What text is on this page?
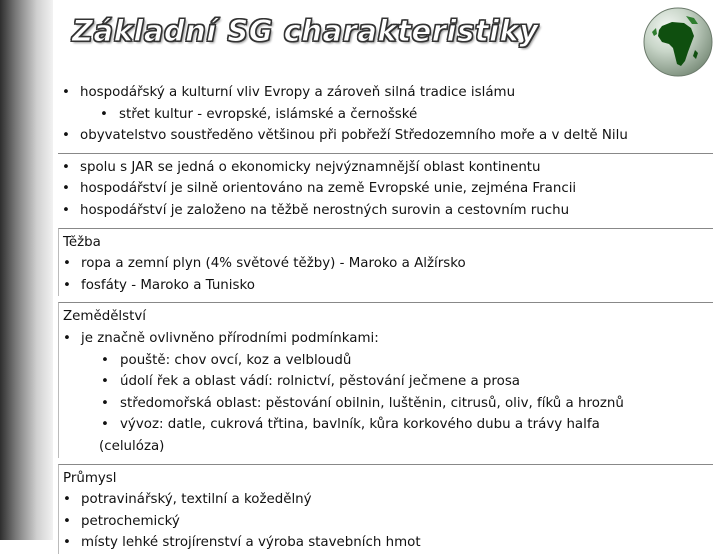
Základní SG charakteristiky
• hospodářský a kulturní vliv Evropy a zároveň silná tradice islámu
• střet kultur - evropské, islámské a černošské
• obyvatelstvo soustředěno většinou při pobřeží Středozemního moře a v deltě Nilu
• spolu s JAR se jedná o ekonomicky nejvýznamnější oblast kontinentu
• hospodářství je silně orientováno na země Evropské unie, zejména Francii
• hospodářství je založeno na těžbě nerostných surovin a cestovním ruchu
Těžba
• ropa a zemní plyn (4% světové těžby) - Maroko a Alžírsko
• fosfáty - Maroko a Tunisko
Zemědělství
• je značně ovlivněno přírodními podmínkami:
• pouště: chov ovcí, koz a velbloudů
• údolí řek a oblast vádí: rolnictví, pěstování ječmene a prosa
• středomořská oblast: pěstování obilnin, luštěnin, citrusů, oliv, fíků a hroznů
• vývoz: datle, cukrová třtina, bavlník, kůra korkového dubu a trávy halfa
(celulóza)
Průmysl
• potravinářský, textilní a kožedělný
• petrochemický
• místy lehké strojírenství a výroba stavebních hmot
